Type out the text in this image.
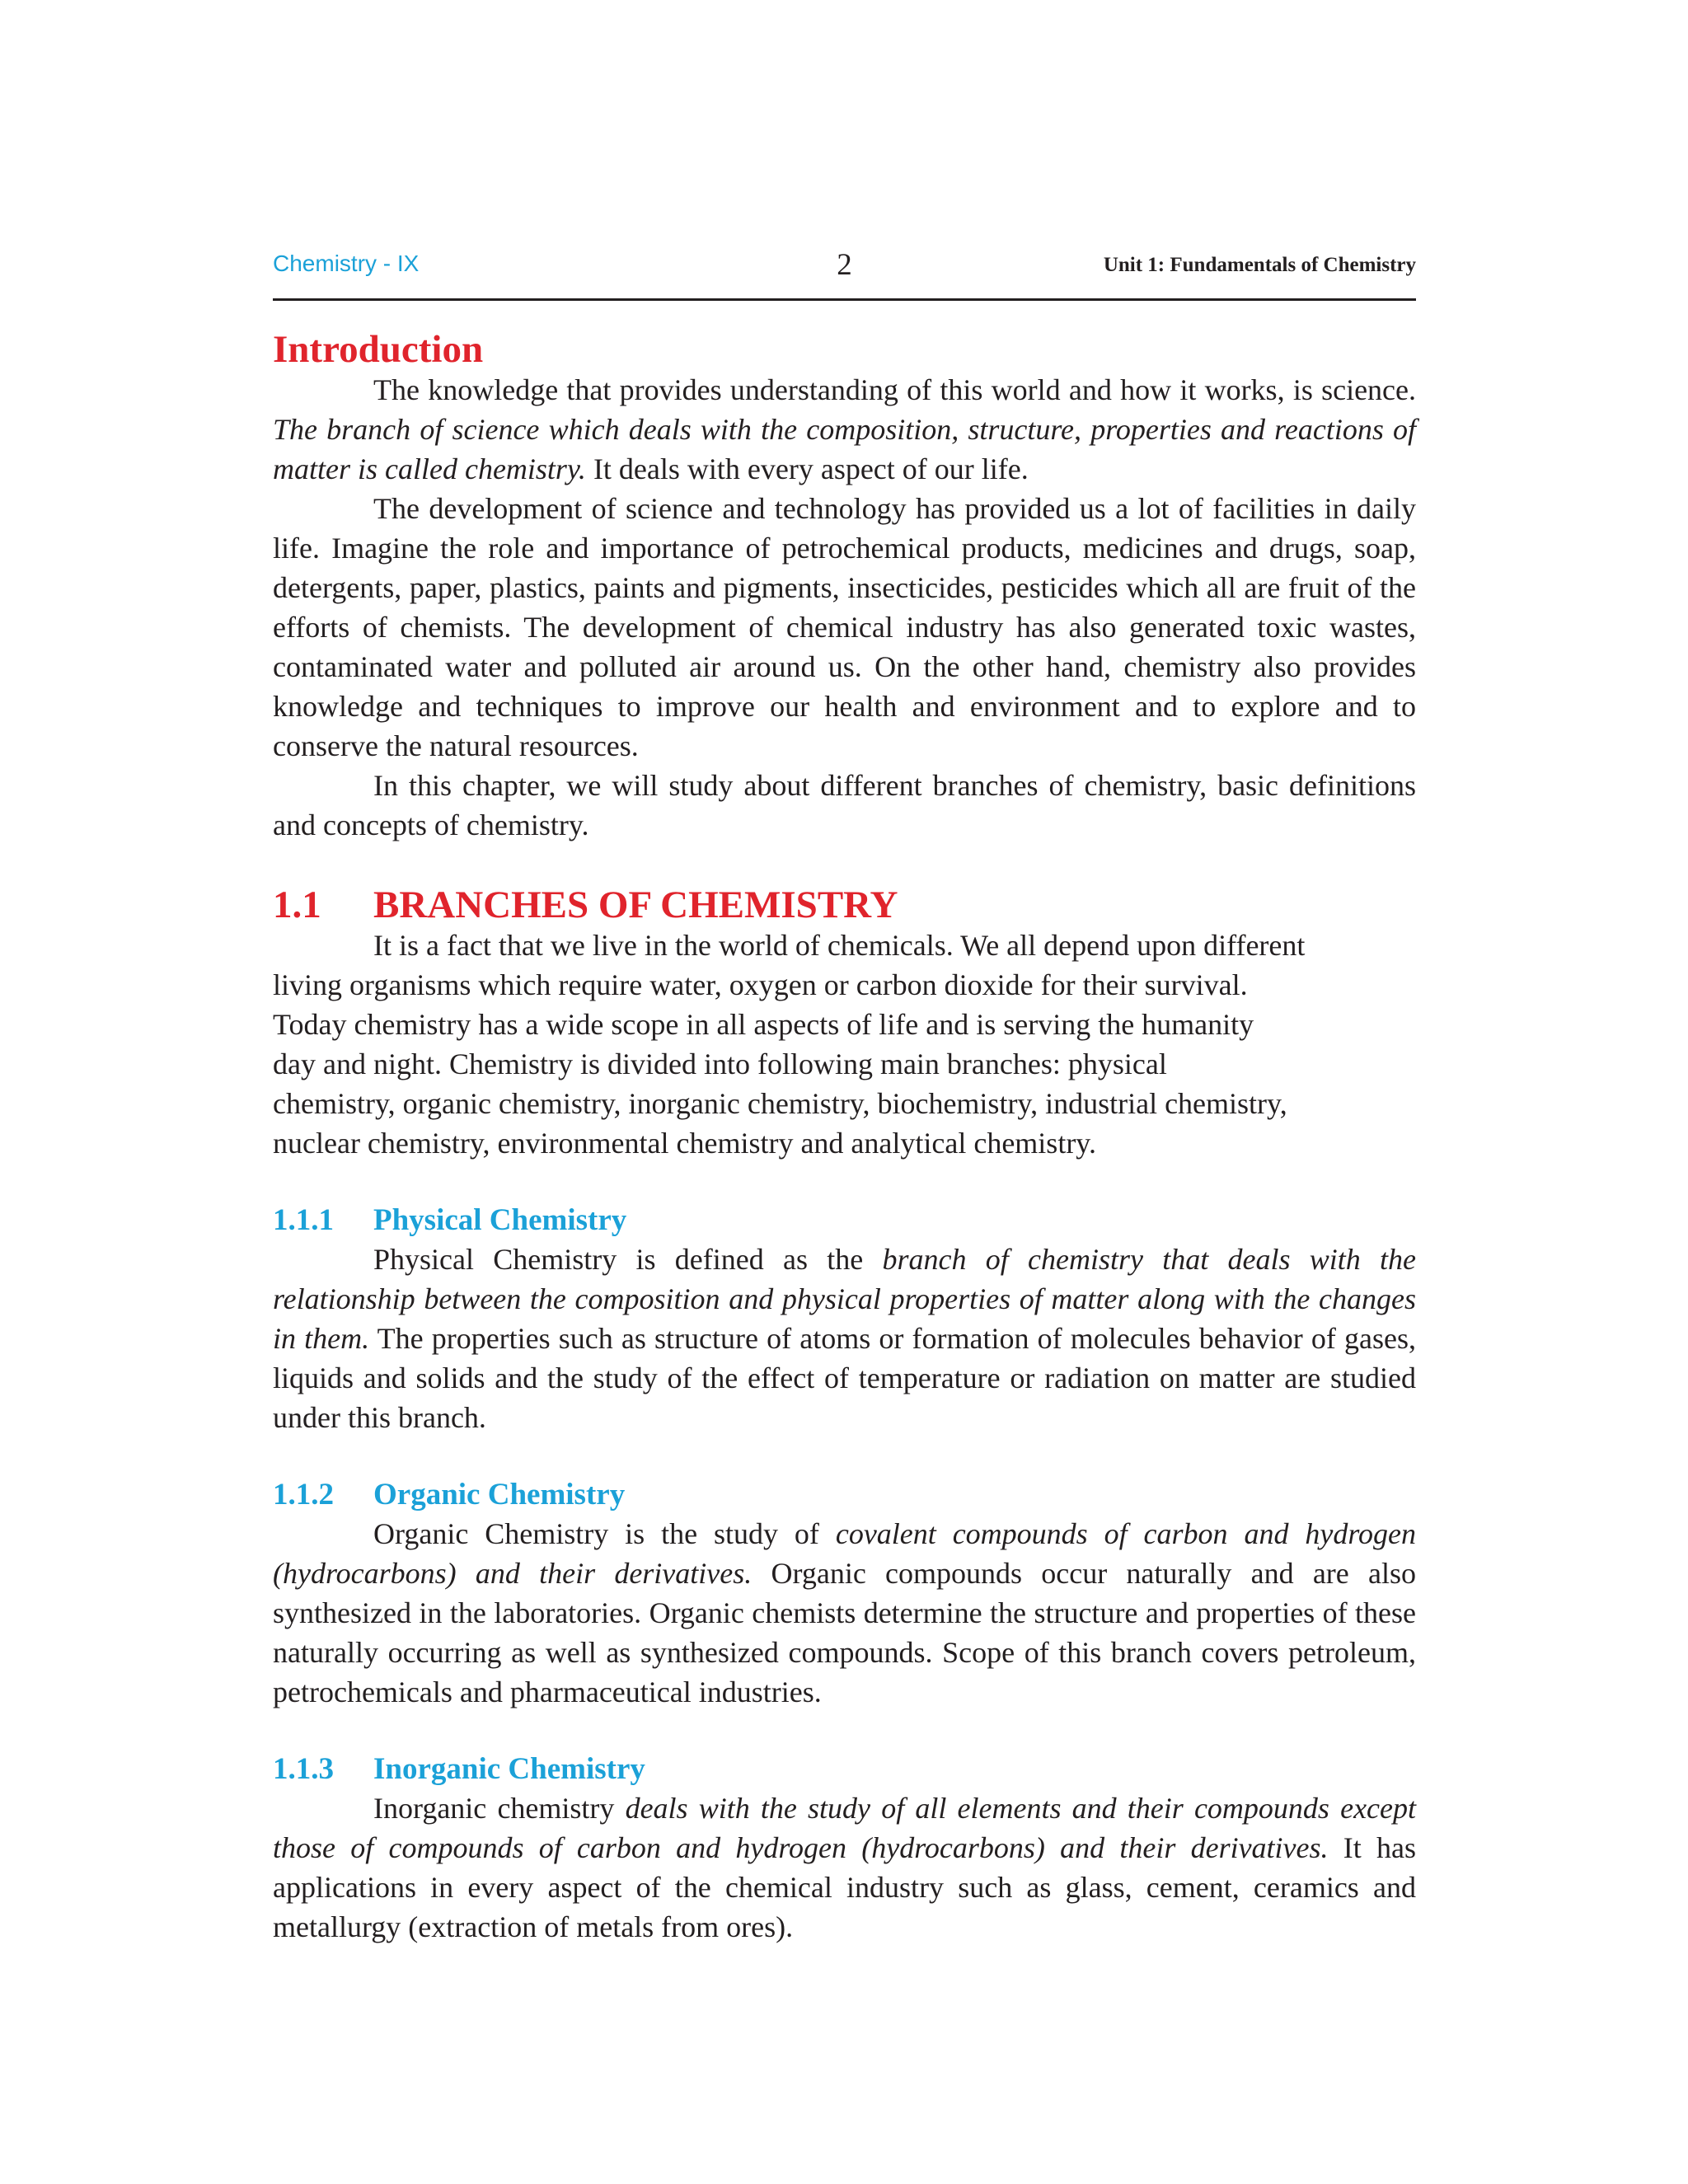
Chemistry - IX	2	Unit 1: Fundamentals of Chemistry
Introduction

The knowledge that provides understanding of this world and how it works, is science. The branch of science which deals with the composition, structure, properties and reactions of matter is called chemistry. It deals with every aspect of our life.

The development of science and technology has provided us a lot of facilities in daily life. Imagine the role and importance of petrochemical products, medicines and drugs, soap, detergents, paper, plastics, paints and pigments, insecticides, pesticides which all are fruit of the efforts of chemists. The development of chemical industry has also generated toxic wastes, contaminated water and polluted air around us. On the other hand, chemistry also provides knowledge and techniques to improve our health and environment and to explore and to conserve the natural resources.

In this chapter, we will study about different branches of chemistry, basic definitions and concepts of chemistry.

1.1 BRANCHES OF CHEMISTRY

It is a fact that we live in the world of chemicals. We all depend upon different
living organisms which require water, oxygen or carbon dioxide for their survival.
Today chemistry has a wide scope in all aspects of life and is serving the humanity
day and night. Chemistry is divided into following main branches: physical
chemistry, organic chemistry, inorganic chemistry, biochemistry, industrial chemistry,
nuclear chemistry, environmental chemistry and analytical chemistry.

1.1.1 Physical Chemistry

Physical Chemistry is defined as the branch of chemistry that deals with the relationship between the composition and physical properties of matter along with the changes in them. The properties such as structure of atoms or formation of molecules behavior of gases, liquids and solids and the study of the effect of temperature or radiation on matter are studied under this branch.

1.1.2 Organic Chemistry

Organic Chemistry is the study of covalent compounds of carbon and hydrogen (hydrocarbons) and their derivatives. Organic compounds occur naturally and are also synthesized in the laboratories. Organic chemists determine the structure and properties of these naturally occurring as well as synthesized compounds. Scope of this branch covers petroleum, petrochemicals and pharmaceutical industries.

1.1.3 Inorganic Chemistry

Inorganic chemistry deals with the study of all elements and their compounds except those of compounds of carbon and hydrogen (hydrocarbons) and their derivatives. It has applications in every aspect of the chemical industry such as glass, cement, ceramics and metallurgy (extraction of metals from ores).
